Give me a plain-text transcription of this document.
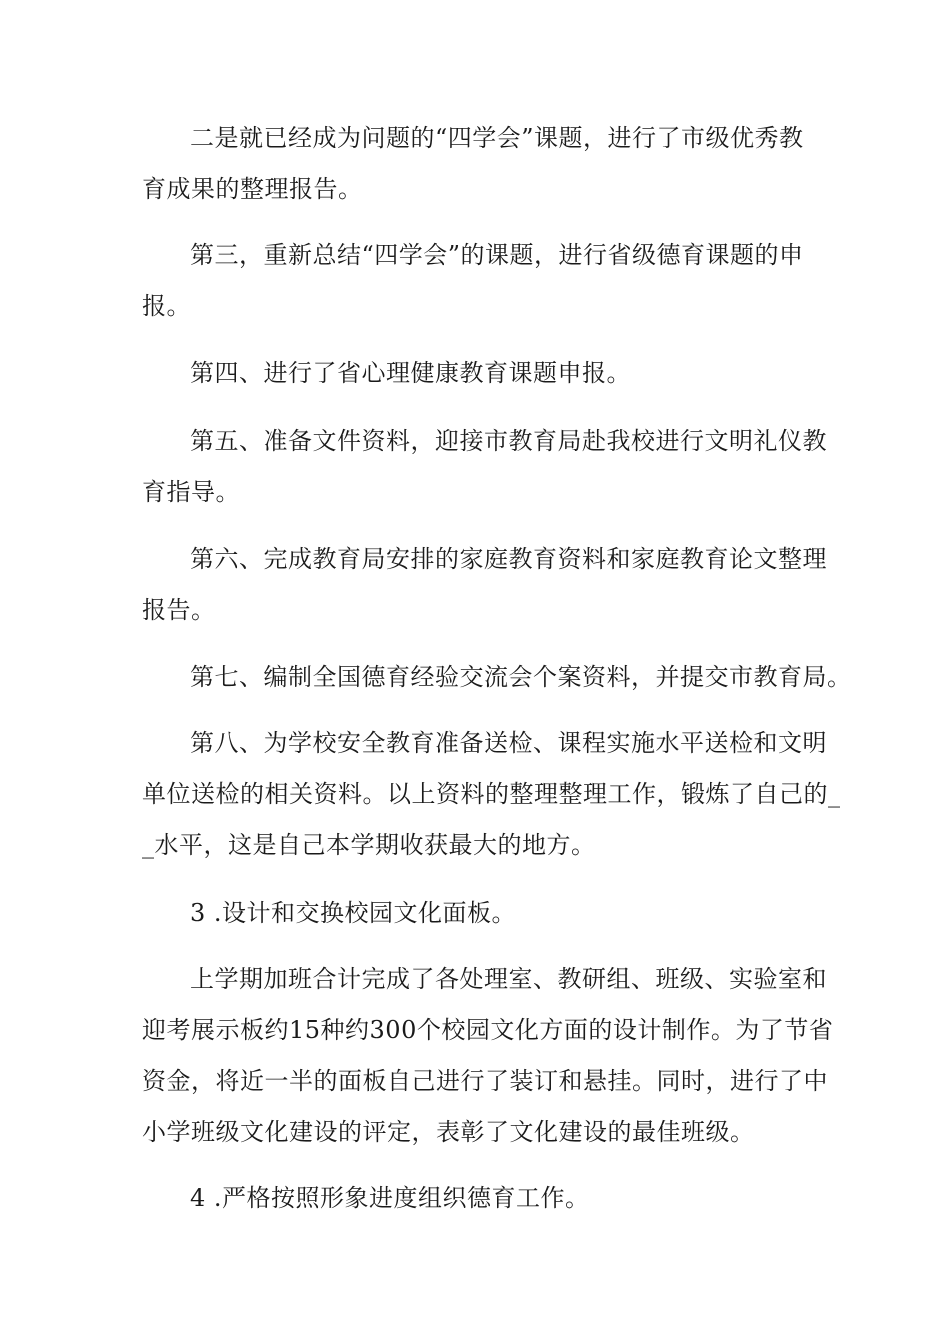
二是就已经成为问题的“四学会”课题，进行了市级优秀教
育成果的整理报告。
第三，重新总结“四学会”的课题，进行省级德育课题的申
报。
第四、进行了省心理健康教育课题申报。
第五、准备文件资料，迎接市教育局赴我校进行文明礼仪教
育指导。
第六、完成教育局安排的家庭教育资料和家庭教育论文整理
报告。
第七、编制全国德育经验交流会个案资料，并提交市教育局。
第八、为学校安全教育准备送检、课程实施水平送检和文明
单位送检的相关资料。以上资料的整理整理工作，锻炼了自己的_
_水平，这是自己本学期收获最大的地方。
3 .设计和交换校园文化面板。
上学期加班合计完成了各处理室、教研组、班级、实验室和
迎考展示板约15种约300个校园文化方面的设计制作。为了节省
资金，将近一半的面板自己进行了装订和悬挂。同时，进行了中
小学班级文化建设的评定，表彰了文化建设的最佳班级。
4 .严格按照形象进度组织德育工作。
